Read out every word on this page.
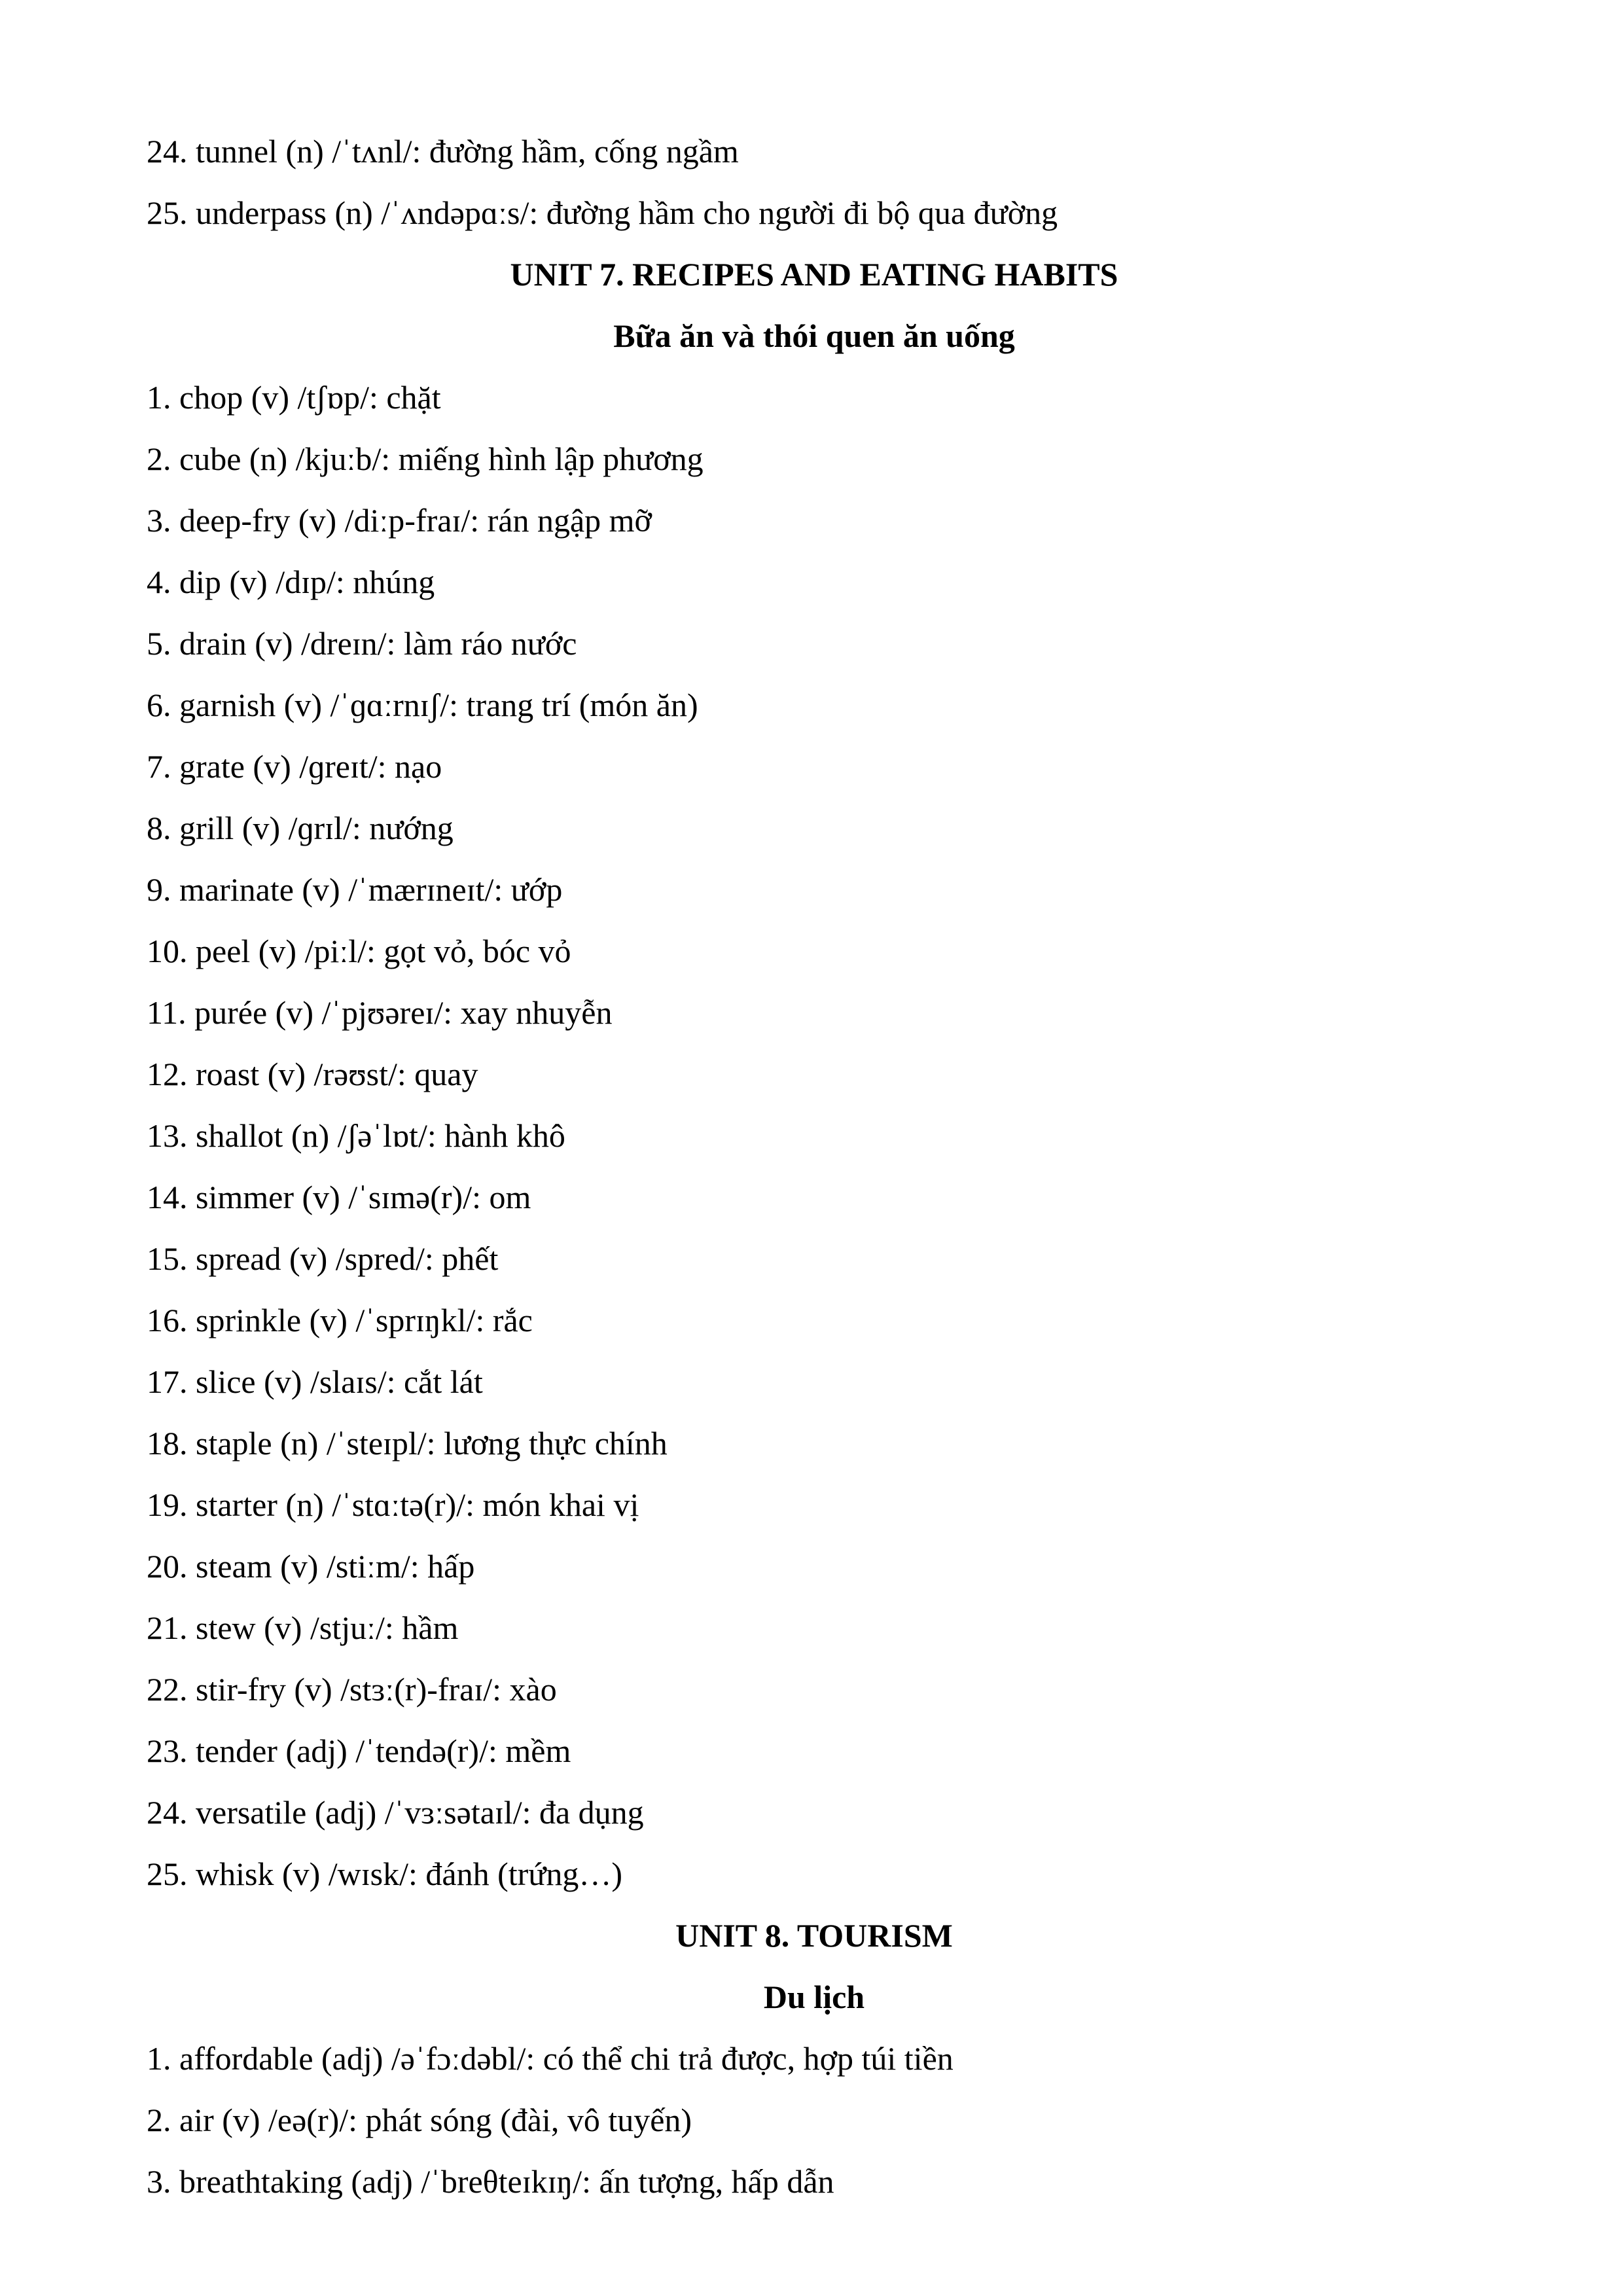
24. tunnel (n) /ˈtʌnl/: đường hầm, cống ngầm
25. underpass (n) /ˈʌndəpɑːs/: đường hầm cho người đi bộ qua đường
UNIT 7. RECIPES AND EATING HABITS
Bữa ăn và thói quen ăn uống
1. chop (v) /tʃɒp/: chặt
2. cube (n) /kjuːb/: miếng hình lập phương
3. deep-fry (v) /diːp-fraɪ/: rán ngập mỡ
4. dip (v) /dɪp/: nhúng
5. drain (v) /dreɪn/: làm ráo nước
6. garnish (v) /ˈɡɑːrnɪʃ/: trang trí (món ăn)
7. grate (v) /ɡreɪt/: nạo
8. grill (v) /ɡrɪl/: nướng
9. marinate (v) /ˈmærɪneɪt/: ướp
10. peel (v) /piːl/: gọt vỏ, bóc vỏ
11. purée (v) /ˈpjʊəreɪ/: xay nhuyễn
12. roast (v) /rəʊst/: quay
13. shallot (n) /ʃəˈlɒt/: hành khô
14. simmer (v) /ˈsɪmə(r)/: om
15. spread (v) /spred/: phết
16. sprinkle (v) /ˈsprɪŋkl/: rắc
17. slice (v) /slaɪs/: cắt lát
18. staple (n) /ˈsteɪpl/: lương thực chính
19. starter (n) /ˈstɑːtə(r)/: món khai vị
20. steam (v) /stiːm/: hấp
21. stew (v) /stjuː/: hầm
22. stir-fry (v) /stɜː(r)-fraɪ/: xào
23. tender (adj) /ˈtendə(r)/: mềm
24. versatile (adj) /ˈvɜːsətaɪl/: đa dụng
25. whisk (v) /wɪsk/: đánh (trứng…)
UNIT 8. TOURISM
Du lịch
1. affordable (adj) /əˈfɔːdəbl/: có thể chi trả được, hợp túi tiền
2. air (v) /eə(r)/: phát sóng (đài, vô tuyến)
3. breathtaking (adj) /ˈbreθteɪkɪŋ/: ấn tượng, hấp dẫn
